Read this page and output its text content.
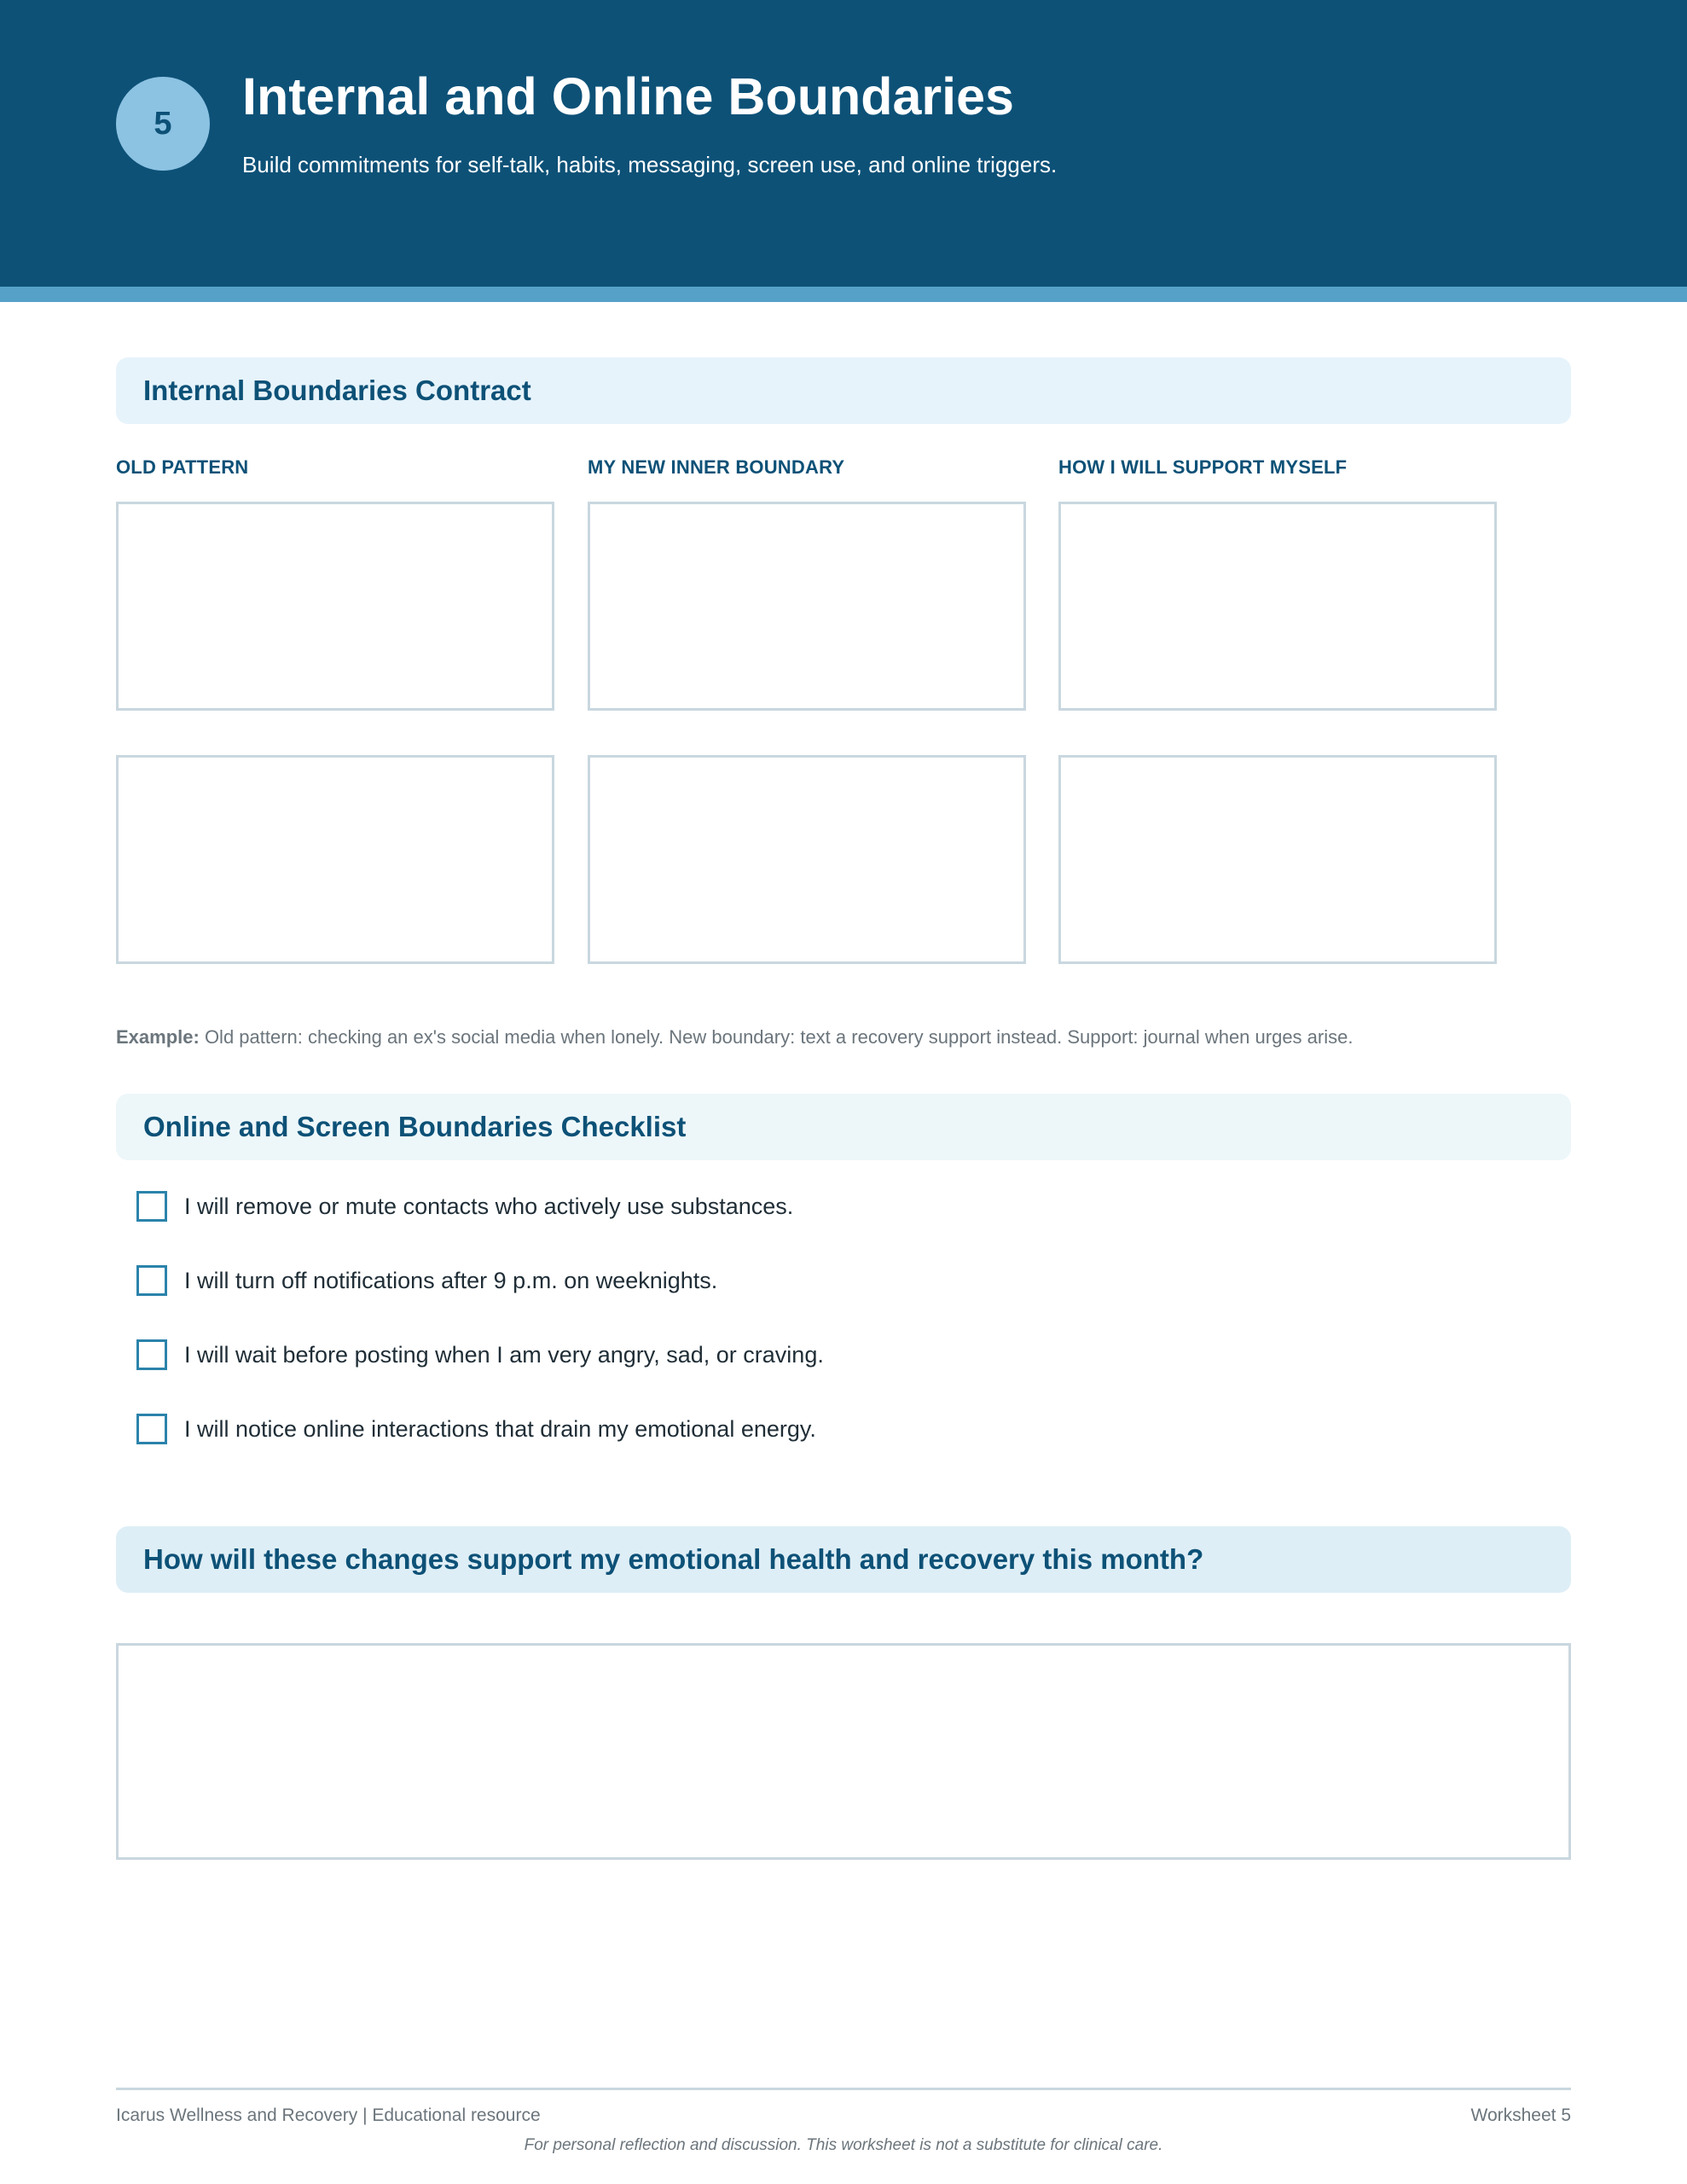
5	Internal and Online Boundaries
Build commitments for self-talk, habits, messaging, screen use, and online triggers.
Internal Boundaries Contract
OLD PATTERN	MY NEW INNER BOUNDARY	HOW I WILL SUPPORT MYSELF
Example: Old pattern: checking an ex's social media when lonely. New boundary: text a recovery support instead. Support: journal when urges arise.
Online and Screen Boundaries Checklist
I will remove or mute contacts who actively use substances.
I will turn off notifications after 9 p.m. on weeknights.
I will wait before posting when I am very angry, sad, or craving.
I will notice online interactions that drain my emotional energy.
How will these changes support my emotional health and recovery this month?
Icarus Wellness and Recovery | Educational resource	Worksheet 5
For personal reflection and discussion. This worksheet is not a substitute for clinical care.
